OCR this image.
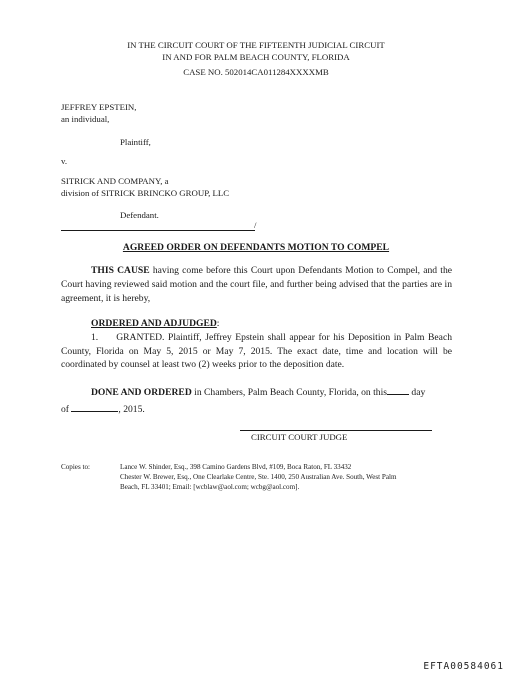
IN THE CIRCUIT COURT OF THE FIFTEENTH JUDICIAL CIRCUIT
IN AND FOR PALM BEACH COUNTY, FLORIDA
CASE NO. 502014CA011284XXXXMB
JEFFREY EPSTEIN,
an individual,
Plaintiff,
v.
SITRICK AND COMPANY, a
division of SITRICK BRINCKO GROUP, LLC
Defendant.
/
AGREED ORDER ON DEFENDANTS MOTION TO COMPEL
THIS CAUSE having come before this Court upon Defendants Motion to Compel, and the Court having reviewed said motion and the court file, and further being advised that the parties are in agreement, it is hereby,
ORDERED AND ADJUDGED:
1. GRANTED. Plaintiff, Jeffrey Epstein shall appear for his Deposition in Palm Beach County, Florida on May 5, 2015 or May 7, 2015. The exact date, time and location will be coordinated by counsel at least two (2) weeks prior to the deposition date.
DONE AND ORDERED in Chambers, Palm Beach County, Florida, on this	day
of	, 2015.
CIRCUIT COURT JUDGE
Copies to:	Lance W. Shinder, Esq., 398 Camino Gardens Blvd, #109, Boca Raton, FL 33432
Chester W. Brewer, Esq., One Clearlake Centre, Ste. 1400, 250 Australian Ave. South, West Palm
Beach, FL 33401; Email: [wcblaw@aol.com; wcbg@aol.com].
EFTA00584061
